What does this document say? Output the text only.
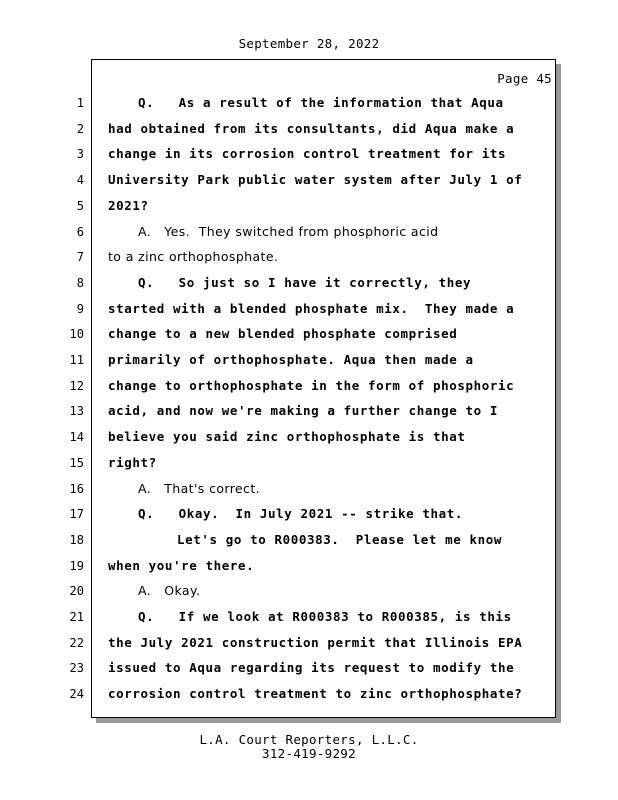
September 28, 2022
Page 45
1	Q.   As a result of the information that Aqua
2 had obtained from its consultants, did Aqua make a
3 change in its corrosion control treatment for its
4 University Park public water system after July 1 of
5 2021?
6	A.   Yes.  They switched from phosphoric acid
7 to a zinc orthophosphate.
8	Q.   So just so I have it correctly, they
9 started with a blended phosphate mix.  They made a
10 change to a new blended phosphate comprised
11 primarily of orthophosphate. Aqua then made a
12 change to orthophosphate in the form of phosphoric
13 acid, and now we're making a further change to I
14 believe you said zinc orthophosphate is that
15 right?
16	A.   That's correct.
17	Q.   Okay.  In July 2021 -- strike that.
18	Let's go to R000383.  Please let me know
19 when you're there.
20	A.   Okay.
21	Q.   If we look at R000383 to R000385, is this
22 the July 2021 construction permit that Illinois EPA
23 issued to Aqua regarding its request to modify the
24 corrosion control treatment to zinc orthophosphate?
L.A. Court Reporters, L.L.C.
312-419-9292
